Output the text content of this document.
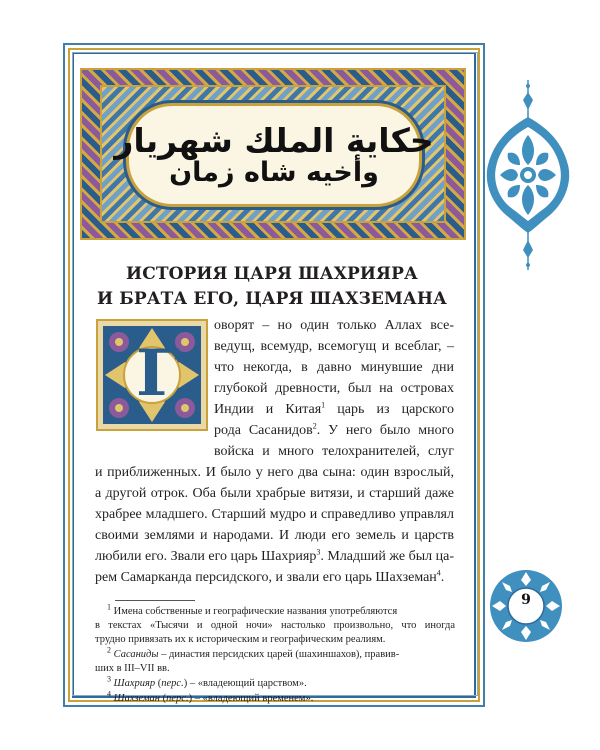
9
حكاية الملك شهريار
وأخيه شاه زمان
ИСТОРИЯ ЦАРЯ ШАХРИЯРА
И БРАТА ЕГО, ЦАРЯ ШАХЗЕМАНА
Г
оворят – но один только Аллах все-
ведущ, всемудр, всемогущ и всеблаг, –
что некогда, в давно минувшие дни
глубокой древности, был на островах
Индии и Китая$^1$ царь из царского
рода Сасанидов$^2$. У него было много
войска и много телохранителей, слуг
и приближенных. И было у него два сына: один взрослый,
а другой отрок. Оба были храбрые витязи, и старший даже
храбрее младшего. Старший мудро и справедливо управлял
своими землями и народами. И люди его земель и царств
любили его. Звали его царь Шахрияр$^3$. Младший же был ца-
рем Самарканда персидского, и звали его царь Шахземан$^4$.
$^1$ Имена собственные и географические названия употребляются
в текстах «Тысячи и одной ночи» настолько произвольно, что иногда
трудно привязать их к историческим и географическим реалиям.
$^2$ Сасаниды – династия персидских царей (шахиншахов), правив-
ших в III–VII вв.
$^3$ Шахрияр (перс.) – «владеющий царством».
$^4$ Шахземан (перс.) – «владеющий временем».
